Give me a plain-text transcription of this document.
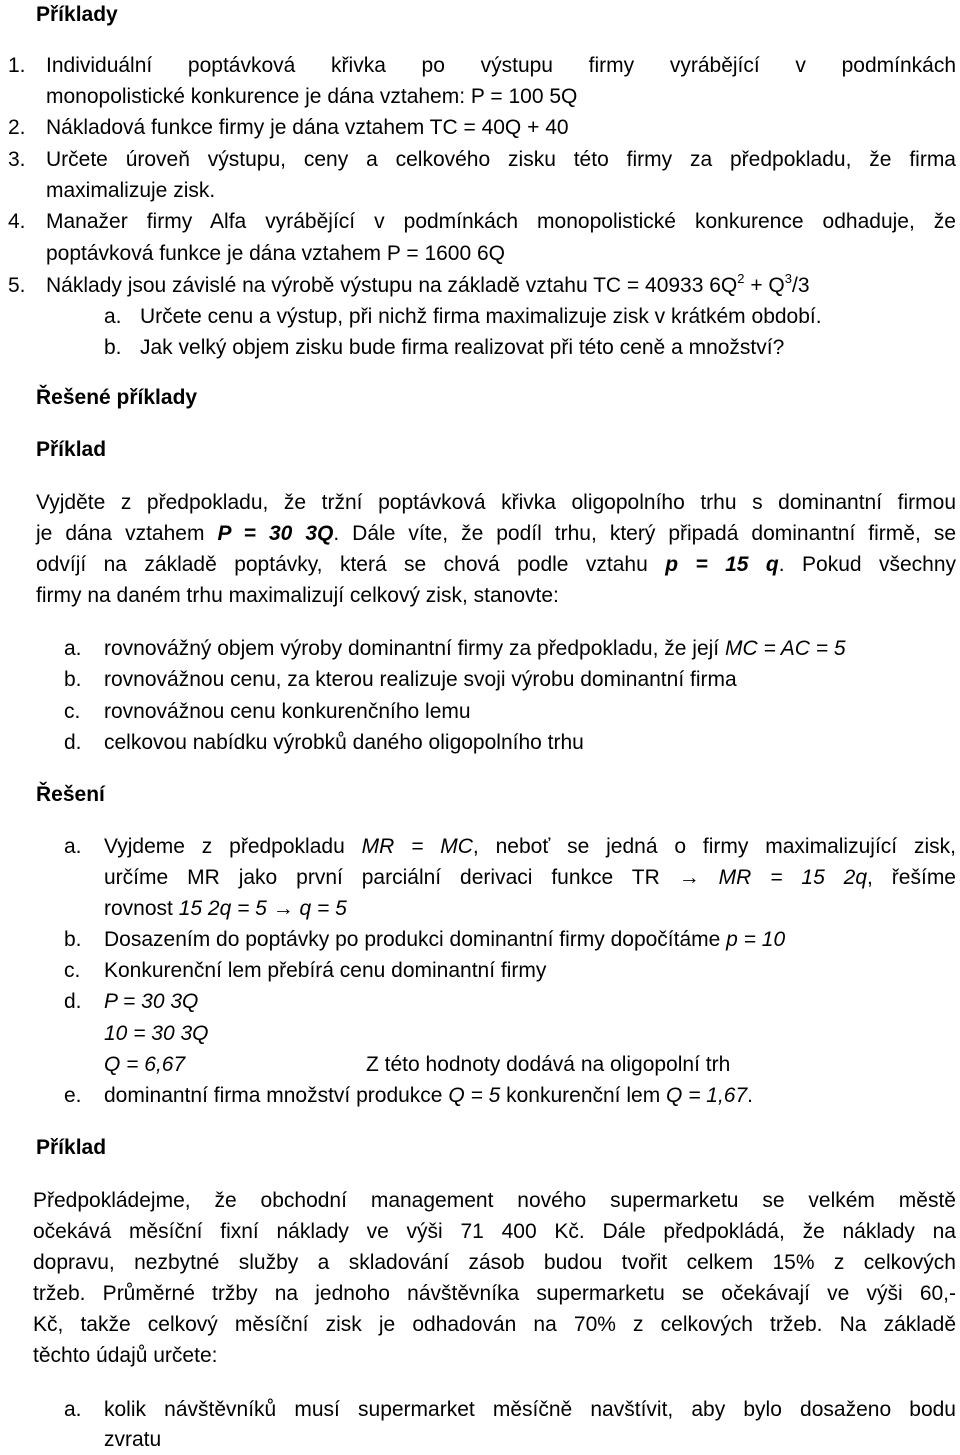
Příklady
1. Individuální poptávková křivka po výstupu firmy vyrábějící v podmínkách
monopolistické konkurence je dána vztahem: P = 100 5Q
2. Nákladová funkce firmy je dána vztahem TC = 40Q + 40
3. Určete úroveň výstupu, ceny a celkového zisku této firmy za předpokladu, že firma
maximalizuje zisk.
4. Manažer firmy Alfa vyrábějící v podmínkách monopolistické konkurence odhaduje, že
poptávková funkce je dána vztahem P = 1600 6Q
5. Náklady jsou závislé na výrobě výstupu na základě vztahu TC = 40933 $6Q^2 + Q^3/3$
a. Určete cenu a výstup, při nichž firma maximalizuje zisk v krátkém období.
b. Jak velký objem zisku bude firma realizovat při této ceně a množství?
Řešené příklady
Příklad
Vyjděte z předpokladu, že tržní poptávková křivka oligopolního trhu s dominantní firmou
je dána vztahem P = 30 3Q. Dále víte, že podíl trhu, který připadá dominantní firmě, se
odvíjí na základě poptávky, která se chová podle vztahu p = 15 q. Pokud všechny
firmy na daném trhu maximalizují celkový zisk, stanovte:
a. rovnovážný objem výroby dominantní firmy za předpokladu, že její MC = AC = 5
b. rovnovážnou cenu, za kterou realizuje svoji výrobu dominantní firma
c. rovnovážnou cenu konkurenčního lemu
d. celkovou nabídku výrobků daného oligopolního trhu
Řešení
a. Vyjdeme z předpokladu MR = MC, neboť se jedná o firmy maximalizující zisk,
určíme MR jako první parciální derivaci funkce TR → MR = 15 2q, řešíme
rovnost 15 2q = 5 → q = 5
b. Dosazením do poptávky po produkci dominantní firmy dopočítáme p = 10
c. Konkurenční lem přebírá cenu dominantní firmy
d. P = 30 3Q
10 = 30 3Q
Q = 6,67	Z této hodnoty dodává na oligopolní trh
e. dominantní firma množství produkce Q = 5 konkurenční lem Q = 1,67.
Příklad
Předpokládejme, že obchodní management nového supermarketu se velkém městě
očekává měsíční fixní náklady ve výši 71 400 Kč. Dále předpokládá, že náklady na
dopravu, nezbytné služby a skladování zásob budou tvořit celkem 15% z celkových
tržeb. Průměrné tržby na jednoho návštěvníka supermarketu se očekávají ve výši 60,-
Kč, takže celkový měsíční zisk je odhadován na 70% z celkových tržeb. Na základě
těchto údajů určete:
a. kolik návštěvníků musí supermarket měsíčně navštívit, aby bylo dosaženo bodu
zvratu
